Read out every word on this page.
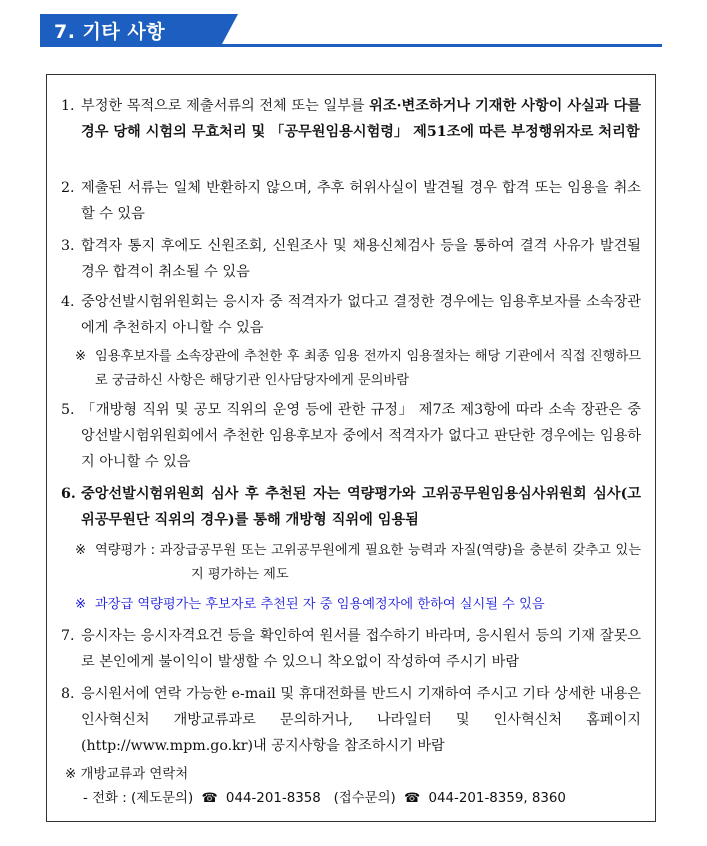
7. 기타 사항
1. 부정한 목적으로 제출서류의 전체 또는 일부를 위조·변조하거나 기재한 사항이 사실과 다를 경우 당해 시험의 무효처리 및 「공무원임용시험령」 제51조에 따른 부정행위자로 처리함
2. 제출된 서류는 일체 반환하지 않으며, 추후 허위사실이 발견될 경우 합격 또는 임용을 취소할 수 있음
3. 합격자 통지 후에도 신원조회, 신원조사 및 채용신체검사 등을 통하여 결격 사유가 발견될 경우 합격이 취소될 수 있음
4. 중앙선발시험위원회는 응시자 중 적격자가 없다고 결정한 경우에는 임용후보자를 소속장관에게 추천하지 아니할 수 있음
※ 임용후보자를 소속장관에 추천한 후 최종 임용 전까지 임용절차는 해당 기관에서 직접 진행하므로 궁금하신 사항은 해당기관 인사담당자에게 문의바람
5. 「개방형 직위 및 공모 직위의 운영 등에 관한 규정」 제7조 제3항에 따라 소속 장관은 중앙선발시험위원회에서 추천한 임용후보자 중에서 적격자가 없다고 판단한 경우에는 임용하지 아니할 수 있음
6. 중앙선발시험위원회 심사 후 추천된 자는 역량평가와 고위공무원임용심사위원회 심사(고위공무원단 직위의 경우)를 통해 개방형 직위에 임용됨
※ 역량평가 : 과장급공무원 또는 고위공무원에게 필요한 능력과 자질(역량)을 충분히 갖추고 있는지 평가하는 제도
※ 과장급 역량평가는 후보자로 추천된 자 중 임용예정자에 한하여 실시될 수 있음
7. 응시자는 응시자격요건 등을 확인하여 원서를 접수하기 바라며, 응시원서 등의 기재 잘못으로 본인에게 불이익이 발생할 수 있으니 착오없이 작성하여 주시기 바람
8. 응시원서에 연락 가능한 e-mail 및 휴대전화를 반드시 기재하여 주시고 기타 상세한 내용은 인사혁신처 개방교류과로 문의하거나, 나라일터 및 인사혁신처 홈페이지(http://www.mpm.go.kr)내 공지사항을 참조하시기 바람
※ 개방교류과 연락처
- 전화 : (제도문의) ☎ 044-201-8358 (접수문의) ☎ 044-201-8359, 8360
